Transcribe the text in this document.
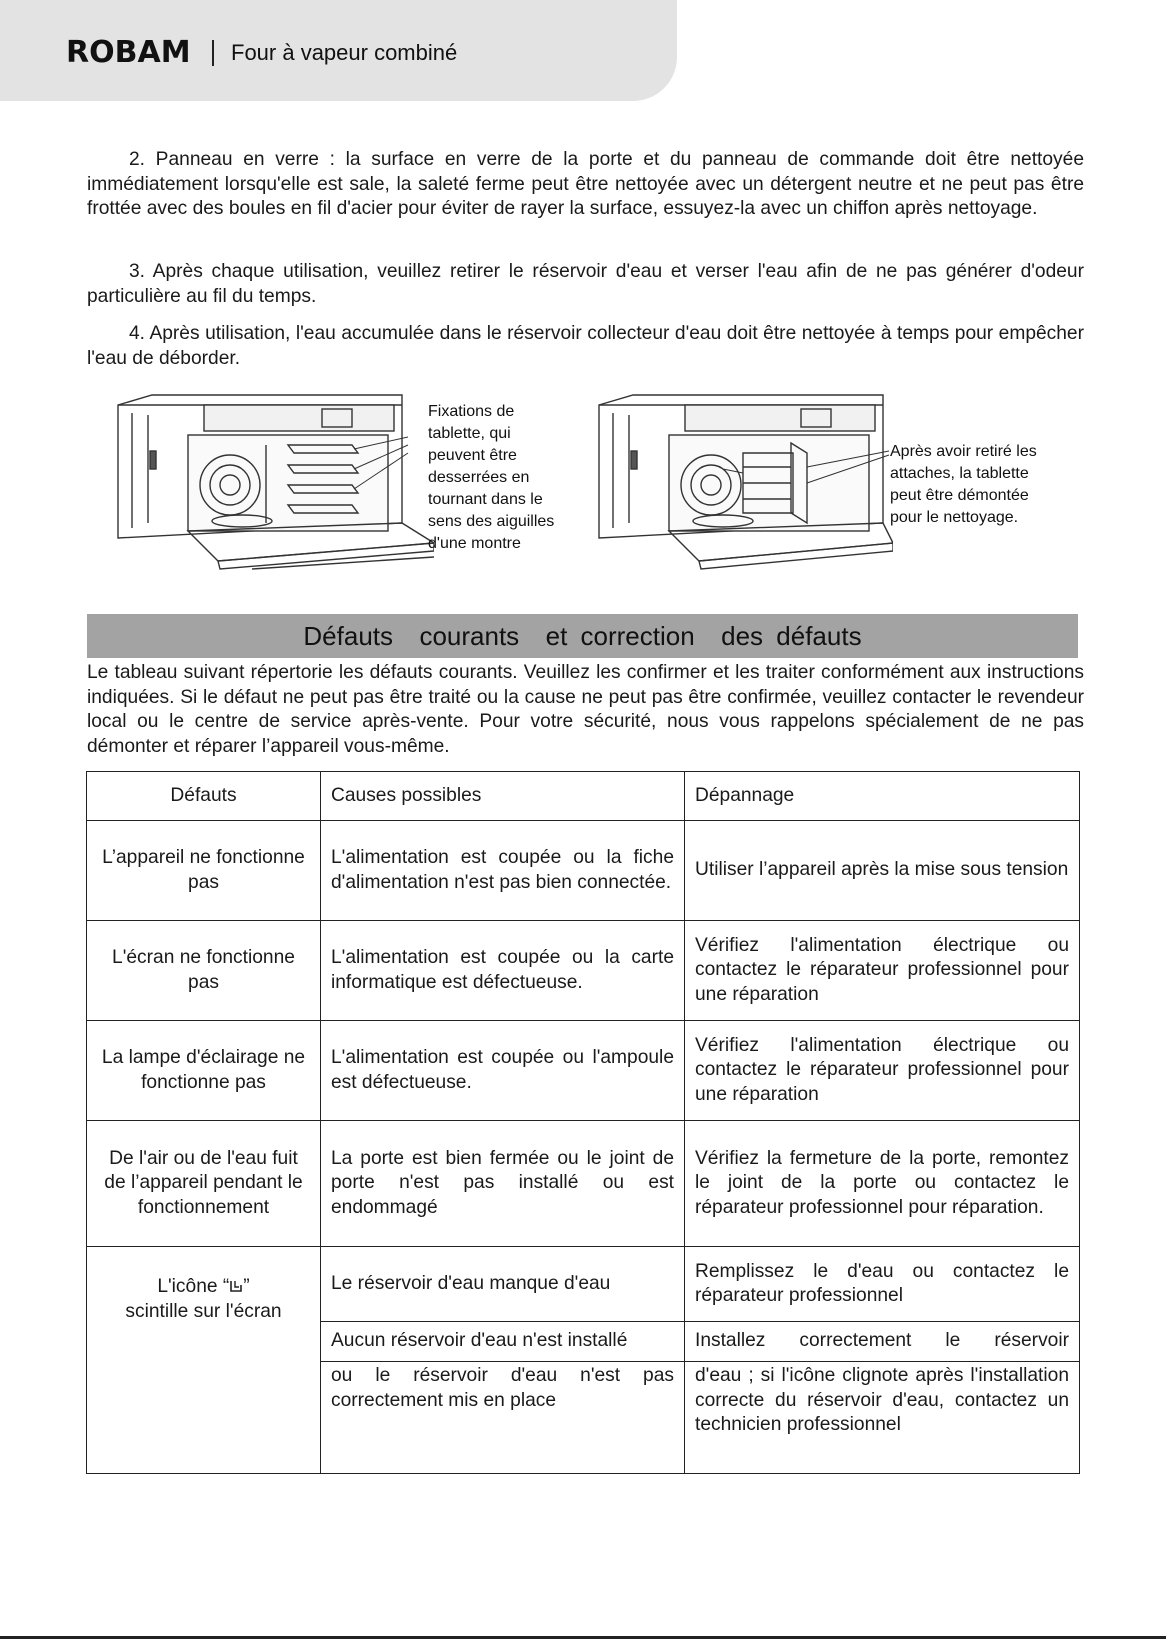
ROBAM Four à vapeur combiné
2. Panneau en verre : la surface en verre de la porte et du panneau de commande doit être nettoyée immédiatement lorsqu'elle est sale, la saleté ferme peut être nettoyée avec un détergent neutre et ne peut pas être frottée avec des boules en fil d'acier pour éviter de rayer la surface, essuyez-la avec un chiffon après nettoyage.
3. Après chaque utilisation, veuillez retirer le réservoir d'eau et verser l'eau afin de ne pas générer d'odeur particulière au fil du temps.
4. Après utilisation, l'eau accumulée dans le réservoir collecteur d'eau doit être nettoyée à temps pour empêcher l'eau de déborder.
Fixations de
tablette, qui
peuvent être
desserrées en
tournant dans le
sens des aiguilles
d'une montre
Après avoir retiré les
attaches, la tablette
peut être démontée
pour le nettoyage.
Défauts  courants  et correction  des défauts
Le tableau suivant répertorie les défauts courants. Veuillez les confirmer et les traiter conformément aux instructions indiquées. Si le défaut ne peut pas être traité ou la cause ne peut pas être confirmée, veuillez contacter le revendeur local ou le centre de service après-vente. Pour votre sécurité, nous vous rappelons spécialement de ne pas démonter et réparer l’appareil vous-même.
Défauts	Causes possibles	Dépannage
L’appareil ne fonctionne pas	L'alimentation est coupée ou la fiche d'alimentation n'est pas bien connectée.	Utiliser l’appareil après la mise sous tension
L'écran ne fonctionne pas	L'alimentation est coupée ou la carte informatique est défectueuse.	Vérifiez l'alimentation électrique ou contactez le réparateur professionnel pour une réparation
La lampe d'éclairage ne fonctionne pas	L'alimentation est coupée ou l'ampoule est défectueuse.	Vérifiez l'alimentation électrique ou contactez le réparateur professionnel pour une réparation
De l'air ou de l'eau fuit de l’appareil pendant le fonctionnement	La porte est bien fermée ou le joint de porte n'est pas installé ou est endommagé	Vérifiez la fermeture de la porte, remontez le joint de la porte ou contactez le réparateur professionnel pour réparation.
L'icône “ ”
scintille sur l'écran	Le réservoir d'eau manque d'eau	Remplissez le d'eau ou contactez le réparateur professionnel
	Aucun réservoir d'eau n'est installé	Installez correctement le réservoir
	ou le réservoir d'eau n'est pas correctement mis en place	d'eau ; si l'icône clignote après l'installation correcte du réservoir d'eau, contactez un technicien professionnel
